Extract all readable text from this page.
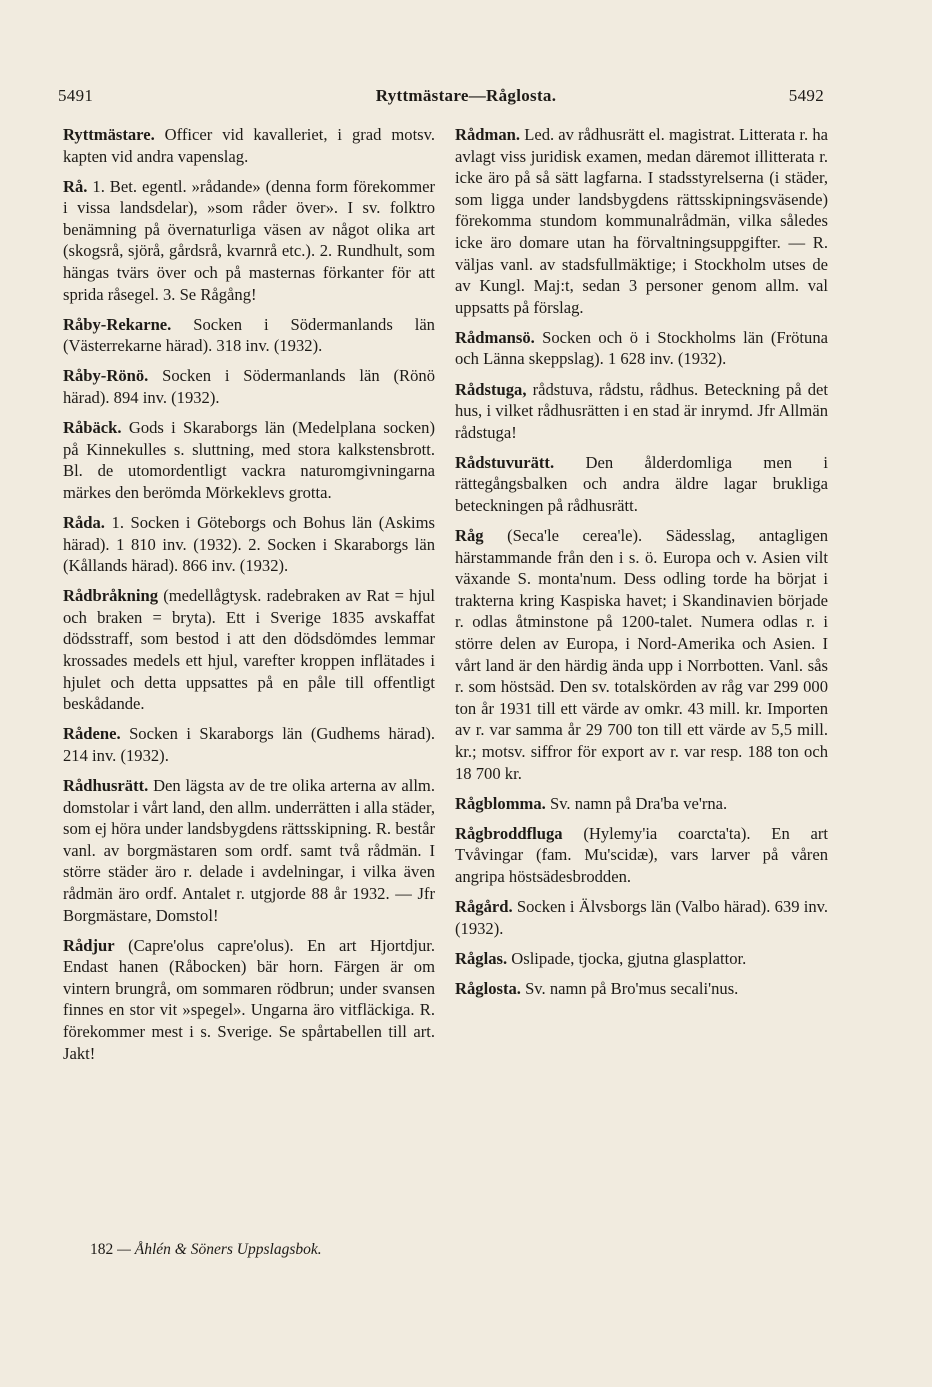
5491	Ryttmästare—Råglosta.	5492

Ryttmästare. Officer vid kavalleriet, i grad motsv. kapten vid andra vapenslag.

Rå. 1. Bet. egentl. »rådande» (denna form förekommer i vissa landsdelar), »som råder över». I sv. folktro benämning på övernaturliga väsen av något olika art (skogsrå, sjörå, gårdsrå, kvarnrå etc.). 2. Rundhult, som hängas tvärs över och på masternas förkanter för att sprida råsegel. 3. Se Rågång!

Råby-Rekarne. Socken i Södermanlands län (Västerrekarne härad). 318 inv. (1932).

Råby-Rönö. Socken i Södermanlands län (Rönö härad). 894 inv. (1932).

Råbäck. Gods i Skaraborgs län (Medelplana socken) på Kinnekulles s. sluttning, med stora kalkstensbrott. Bl. de utomordentligt vackra naturomgivningarna märkes den berömda Mörkeklevs grotta.

Råda. 1. Socken i Göteborgs och Bohus län (Askims härad). 1 810 inv. (1932). 2. Socken i Skaraborgs län (Kållands härad). 866 inv. (1932).

Rådbråkning (medellågtysk. radebraken av Rat = hjul och braken = bryta). Ett i Sverige 1835 avskaffat dödsstraff, som bestod i att den dödsdömdes lemmar krossades medels ett hjul, varefter kroppen inflätades i hjulet och detta uppsattes på en påle till offentligt beskådande.

Rådene. Socken i Skaraborgs län (Gudhems härad). 214 inv. (1932).

Rådhusrätt. Den lägsta av de tre olika arterna av allm. domstolar i vårt land, den allm. underrätten i alla städer, som ej höra under landsbygdens rättsskipning. R. består vanl. av borgmästaren som ordf. samt två rådmän. I större städer äro r. delade i avdelningar, i vilka även rådmän äro ordf. Antalet r. utgjorde 88 år 1932. — Jfr Borgmästare, Domstol!

Rådjur (Capre'olus capre'olus). En art Hjortdjur. Endast hanen (Råbocken) bär horn. Färgen är om vintern brungrå, om sommaren rödbrun; under svansen finnes en stor vit »spegel». Ungarna äro vitfläckiga. R. förekommer mest i s. Sverige. Se spårtabellen till art. Jakt!

Rådman. Led. av rådhusrätt el. magistrat. Litterata r. ha avlagt viss juridisk examen, medan däremot illitterata r. icke äro på så sätt lagfarna. I stadsstyrelserna (i städer, som ligga under landsbygdens rättsskipningsväsende) förekomma stundom kommunalrådmän, vilka således icke äro domare utan ha förvaltningsuppgifter. — R. väljas vanl. av stadsfullmäktige; i Stockholm utses de av Kungl. Maj:t, sedan 3 personer genom allm. val uppsatts på förslag.

Rådmansö. Socken och ö i Stockholms län (Frötuna och Länna skeppslag). 1 628 inv. (1932).

Rådstuga, rådstuva, rådstu, rådhus. Beteckning på det hus, i vilket rådhusrätten i en stad är inrymd. Jfr Allmän rådstuga!

Rådstuvurätt. Den ålderdomliga men i rättegångsbalken och andra äldre lagar brukliga beteckningen på rådhusrätt.

Råg (Seca'le cerea'le). Sädesslag, antagligen härstammande från den i s. ö. Europa och v. Asien vilt växande S. monta'num. Dess odling torde ha börjat i trakterna kring Kaspiska havet; i Skandinavien började r. odlas åtminstone på 1200-talet. Numera odlas r. i större delen av Europa, i Nord-Amerika och Asien. I vårt land är den härdig ända upp i Norrbotten. Vanl. sås r. som höstsäd. Den sv. totalskörden av råg var 299 000 ton år 1931 till ett värde av omkr. 43 mill. kr. Importen av r. var samma år 29 700 ton till ett värde av 5,5 mill. kr.; motsv. siffror för export av r. var resp. 188 ton och 18 700 kr.

Rågblomma. Sv. namn på Dra'ba ve'rna.

Rågbroddfluga (Hylemy'ia coarcta'ta). En art Tvåvingar (fam. Mu'scidæ), vars larver på våren angripa höstsädesbrodden.

Rågård. Socken i Älvsborgs län (Valbo härad). 639 inv. (1932).

Råglas. Oslipade, tjocka, gjutna glasplattor.

Råglosta. Sv. namn på Bro'mus secali'nus.

182 — Åhlén & Söners Uppslagsbok.
